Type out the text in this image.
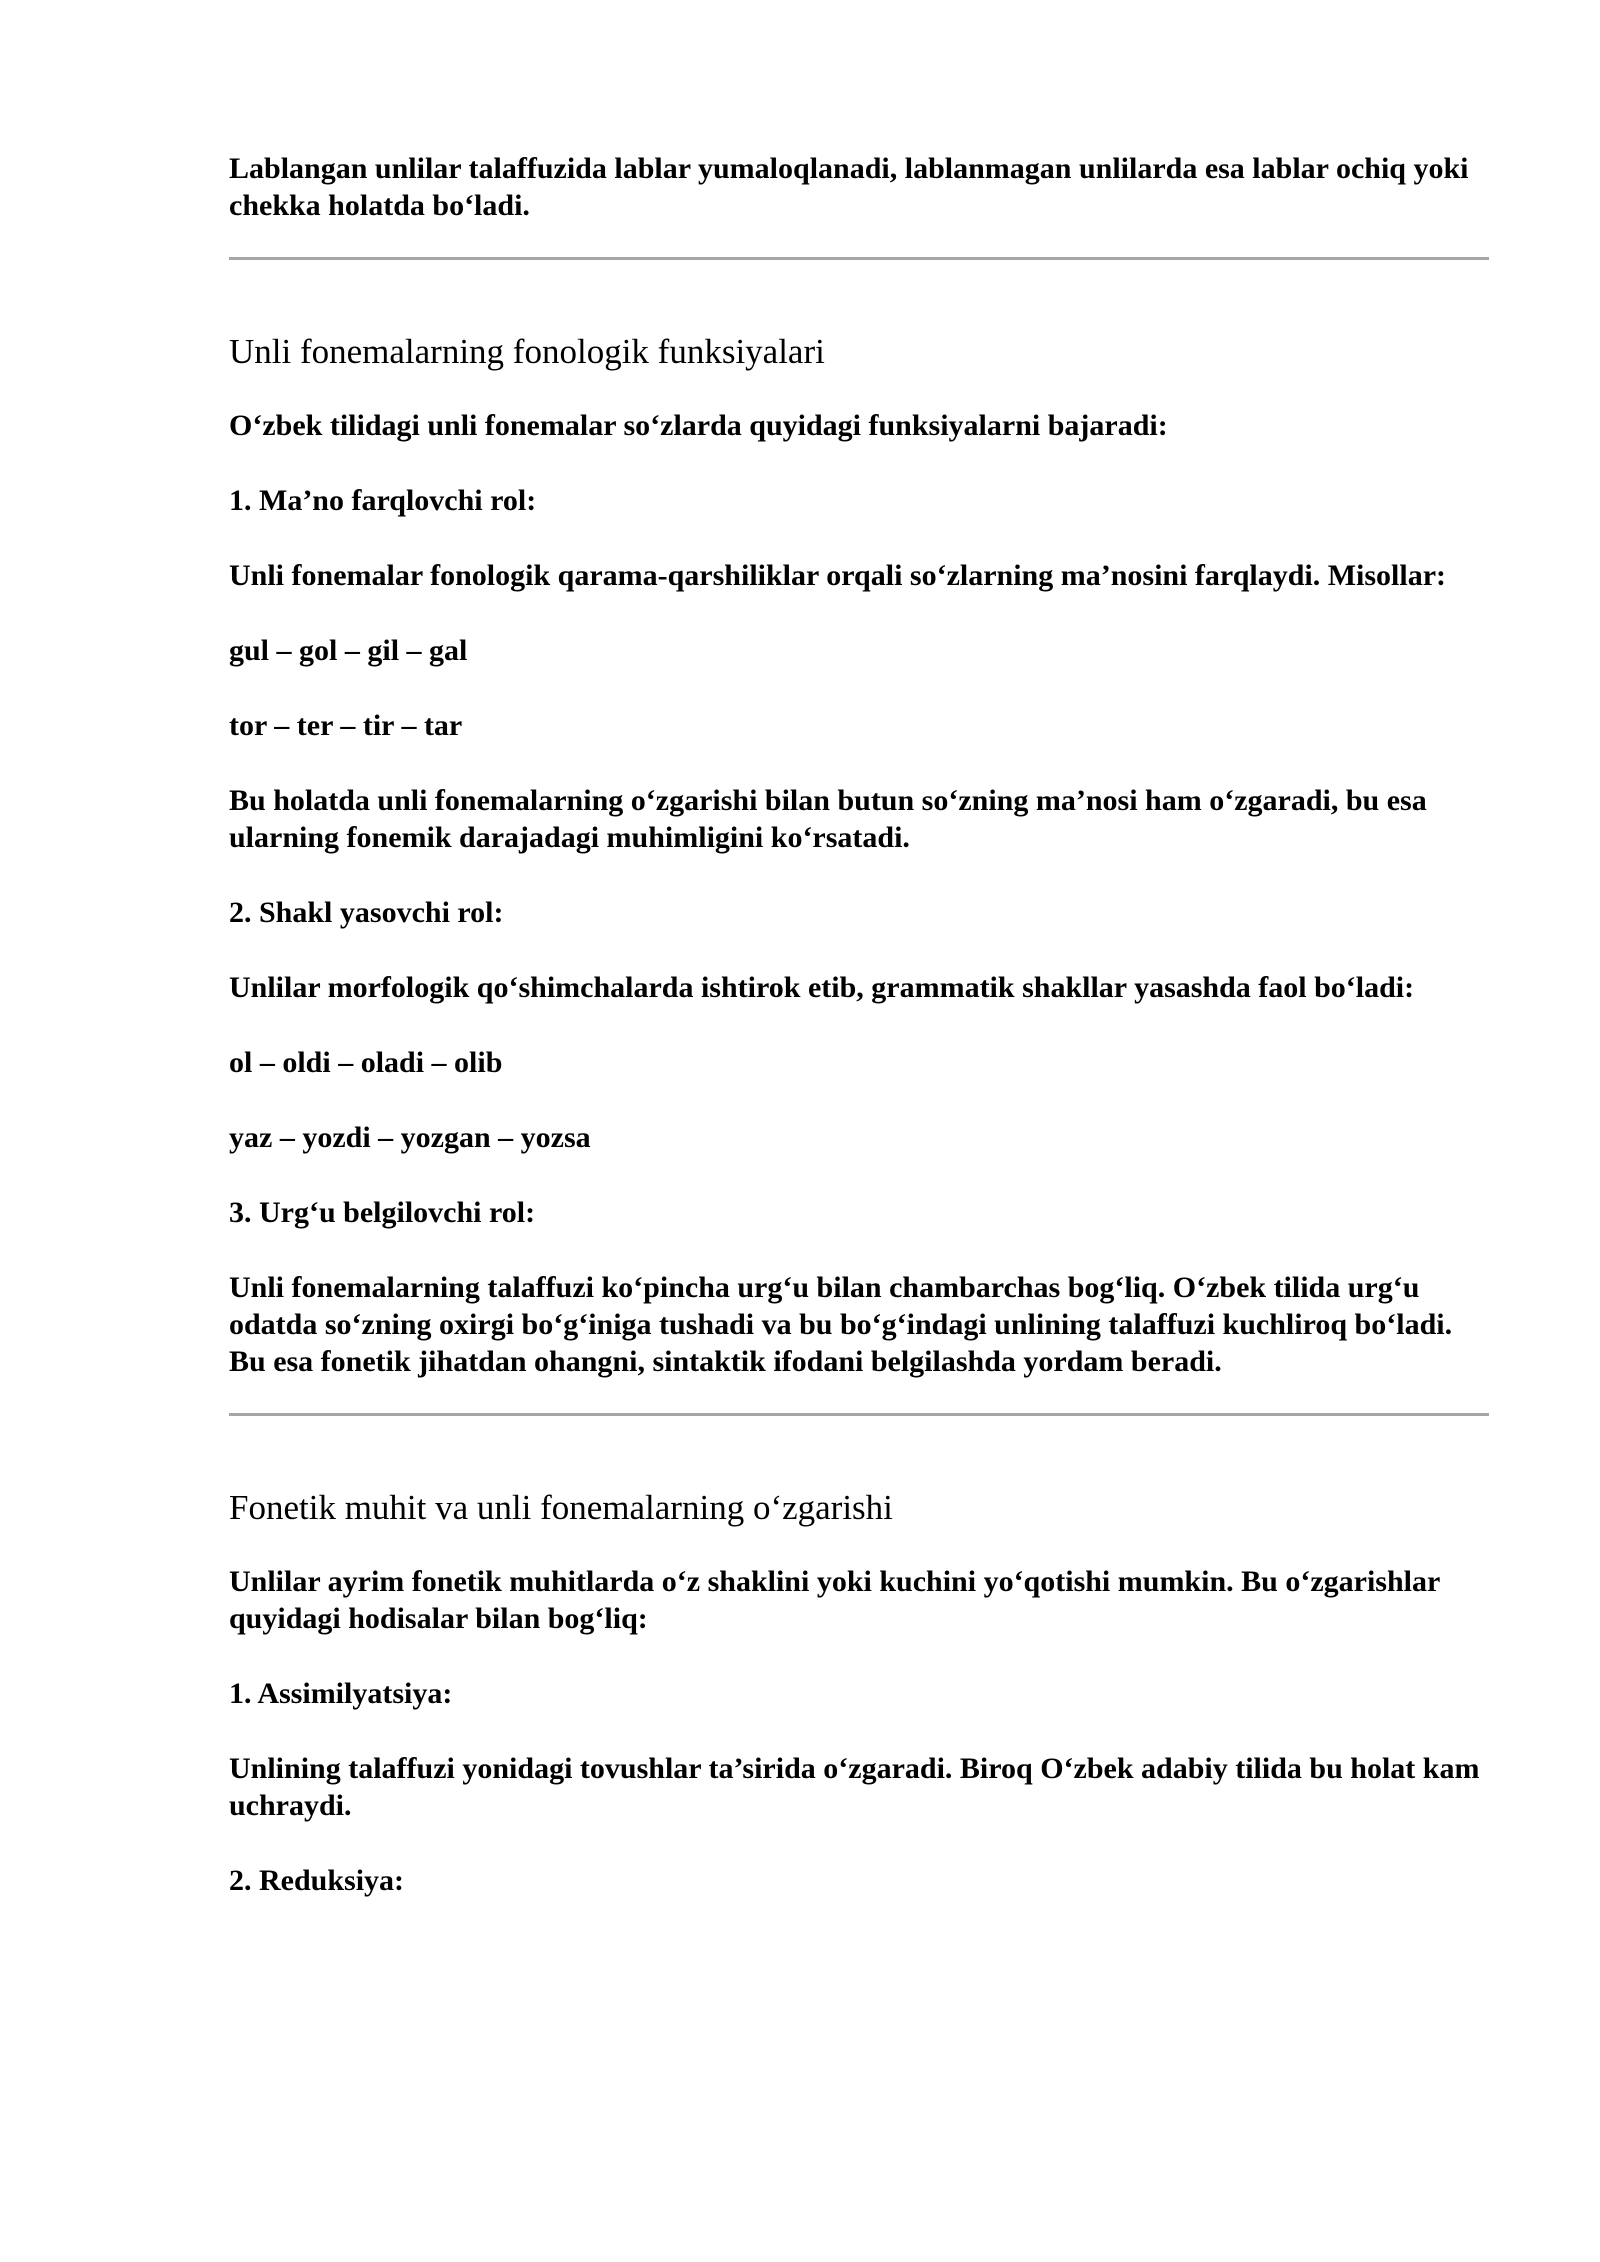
Lablangan unlilar talaffuzida lablar yumaloqlanadi, lablanmagan unlilarda esa lablar ochiq yoki chekka holatda bo‘ladi.

Unli fonemalarning fonologik funksiyalari

O‘zbek tilidagi unli fonemalar so‘zlarda quyidagi funksiyalarni bajaradi:

1. Ma’no farqlovchi rol:

Unli fonemalar fonologik qarama-qarshiliklar orqali so‘zlarning ma’nosini farqlaydi. Misollar:

gul – gol – gil – gal

tor – ter – tir – tar

Bu holatda unli fonemalarning o‘zgarishi bilan butun so‘zning ma’nosi ham o‘zgaradi, bu esa ularning fonemik darajadagi muhimligini ko‘rsatadi.

2. Shakl yasovchi rol:

Unlilar morfologik qo‘shimchalarda ishtirok etib, grammatik shakllar yasashda faol bo‘ladi:

ol – oldi – oladi – olib

yaz – yozdi – yozgan – yozsa

3. Urg‘u belgilovchi rol:

Unli fonemalarning talaffuzi ko‘pincha urg‘u bilan chambarchas bog‘liq. O‘zbek tilida urg‘u odatda so‘zning oxirgi bo‘g‘iniga tushadi va bu bo‘g‘indagi unlining talaffuzi kuchliroq bo‘ladi. Bu esa fonetik jihatdan ohangni, sintaktik ifodani belgilashda yordam beradi.

Fonetik muhit va unli fonemalarning o‘zgarishi

Unlilar ayrim fonetik muhitlarda o‘z shaklini yoki kuchini yo‘qotishi mumkin. Bu o‘zgarishlar quyidagi hodisalar bilan bog‘liq:

1. Assimilyatsiya:

Unlining talaffuzi yonidagi tovushlar ta’sirida o‘zgaradi. Biroq O‘zbek adabiy tilida bu holat kam uchraydi.

2. Reduksiya:
